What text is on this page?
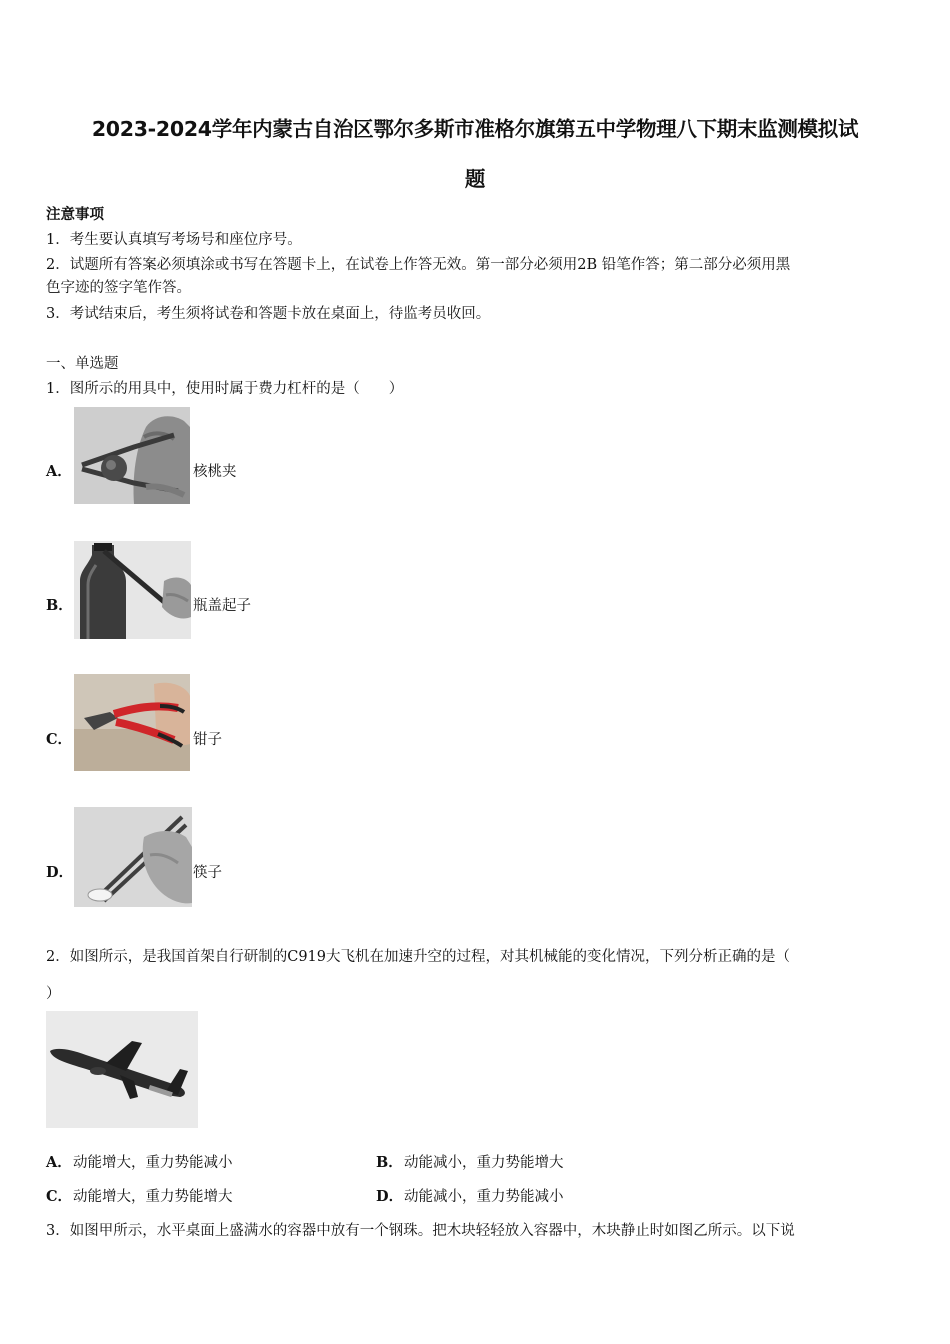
2023-2024学年内蒙古自治区鄂尔多斯市准格尔旗第五中学物理八下期末监测模拟试
题
注意事项
1．考生要认真填写考场号和座位序号。
2．试题所有答案必须填涂或书写在答题卡上，在试卷上作答无效。第一部分必须用2B 铅笔作答；第二部分必须用黑
色字迹的签字笔作答。
3．考试结束后，考生须将试卷和答题卡放在桌面上，待监考员收回。
一、单选题
1．图所示的用具中，使用时属于费力杠杆的是（　　）
A．	核桃夹
B．	瓶盖起子
C．	钳子
D．	筷子
2．如图所示，是我国首架自行研制的C919大飞机在加速升空的过程，对其机械能的变化情况，下列分析正确的是（
）
A． 动能增大，重力势能减小	B． 动能减小，重力势能增大
C． 动能增大，重力势能增大	D． 动能减小，重力势能减小
3．如图甲所示，水平桌面上盛满水的容器中放有一个钢珠。把木块轻轻放入容器中，木块静止时如图乙所示。以下说
